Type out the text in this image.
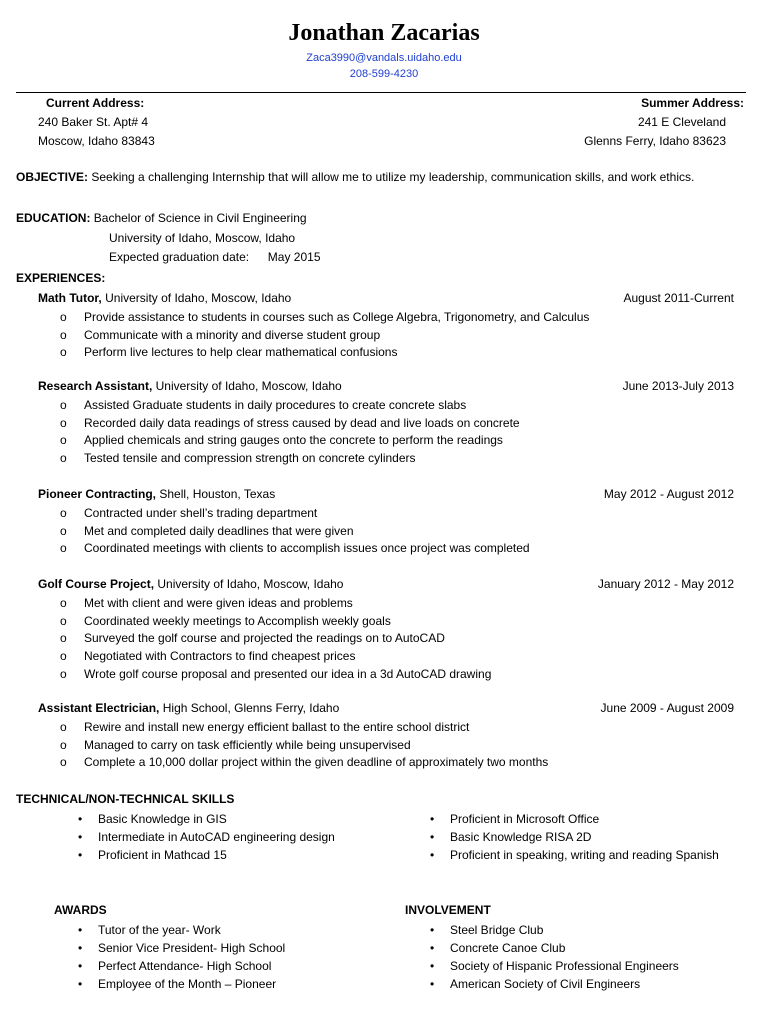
Jonathan Zacarias
Zaca3990@vandals.uidaho.edu
208-599-4230
Current Address:
240 Baker St. Apt# 4
Moscow, Idaho 83843
Summer Address:
241 E Cleveland
Glenns Ferry, Idaho 83623
OBJECTIVE: Seeking a challenging Internship that will allow me to utilize my leadership, communication skills, and work ethics.
EDUCATION: Bachelor of Science in Civil Engineering
University of Idaho, Moscow, Idaho
Expected graduation date: May 2015
EXPERIENCES:
Math Tutor, University of Idaho, Moscow, Idaho	August 2011-Current
o Provide assistance to students in courses such as College Algebra, Trigonometry, and Calculus
o Communicate with a minority and diverse student group
o Perform live lectures to help clear mathematical confusions
Research Assistant, University of Idaho, Moscow, Idaho	June 2013-July 2013
o Assisted Graduate students in daily procedures to create concrete slabs
o Recorded daily data readings of stress caused by dead and live loads on concrete
o Applied chemicals and string gauges onto the concrete to perform the readings
o Tested tensile and compression strength on concrete cylinders
Pioneer Contracting, Shell, Houston, Texas	May 2012 - August 2012
o Contracted under shell’s trading department
o Met and completed daily deadlines that were given
o Coordinated meetings with clients to accomplish issues once project was completed
Golf Course Project, University of Idaho, Moscow, Idaho	January 2012 - May 2012
o Met with client and were given ideas and problems
o Coordinated weekly meetings to Accomplish weekly goals
o Surveyed the golf course and projected the readings on to AutoCAD
o Negotiated with Contractors to find cheapest prices
o Wrote golf course proposal and presented our idea in a 3d AutoCAD drawing
Assistant Electrician, High School, Glenns Ferry, Idaho	June 2009 - August 2009
o Rewire and install new energy efficient ballast to the entire school district
o Managed to carry on task efficiently while being unsupervised
o Complete a 10,000 dollar project within the given deadline of approximately two months
TECHNICAL/NON-TECHNICAL SKILLS
• Basic Knowledge in GIS
• Intermediate in AutoCAD engineering design
• Proficient in Mathcad 15
• Proficient in Microsoft Office
• Basic Knowledge RISA 2D
• Proficient in speaking, writing and reading Spanish
AWARDS
• Tutor of the year- Work
• Senior Vice President- High School
• Perfect Attendance- High School
• Employee of the Month – Pioneer
INVOLVEMENT
• Steel Bridge Club
• Concrete Canoe Club
• Society of Hispanic Professional Engineers
• American Society of Civil Engineers
